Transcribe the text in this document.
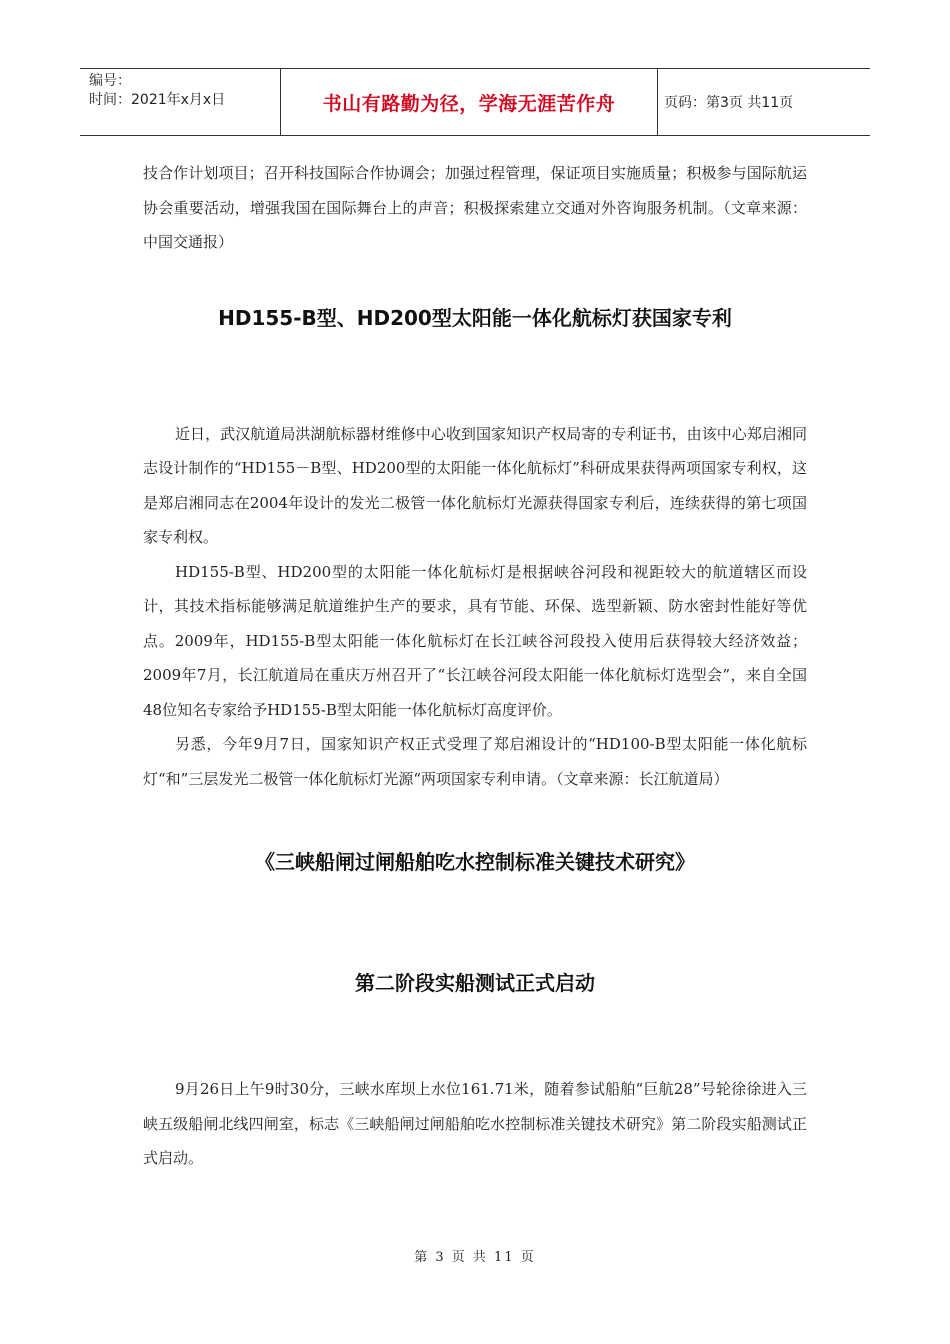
编号：
时间：2021年x月x日	书山有路勤为径，学海无涯苦作舟	页码：第3页 共11页

技合作计划项目；召开科技国际合作协调会；加强过程管理，保证项目实施质量；积极参与国际航运协会重要活动，增强我国在国际舞台上的声音；积极探索建立交通对外咨询服务机制。（文章来源：中国交通报）

HD155-B型、HD200型太阳能一体化航标灯获国家专利

近日，武汉航道局洪湖航标器材维修中心收到国家知识产权局寄的专利证书，由该中心郑启湘同志设计制作的“HD155－B型、HD200型的太阳能一体化航标灯”科研成果获得两项国家专利权，这是郑启湘同志在2004年设计的发光二极管一体化航标灯光源获得国家专利后，连续获得的第七项国家专利权。

HD155-B型、HD200型的太阳能一体化航标灯是根据峡谷河段和视距较大的航道辖区而设计，其技术指标能够满足航道维护生产的要求，具有节能、环保、选型新颖、防水密封性能好等优点。2009年，HD155-B型太阳能一体化航标灯在长江峡谷河段投入使用后获得较大经济效益；2009年7月，长江航道局在重庆万州召开了“长江峡谷河段太阳能一体化航标灯选型会”，来自全国48位知名专家给予HD155-B型太阳能一体化航标灯高度评价。

另悉，今年9月7日，国家知识产权正式受理了郑启湘设计的“HD100-B型太阳能一体化航标灯“和”三层发光二极管一体化航标灯光源“两项国家专利申请。（文章来源：长江航道局）

《三峡船闸过闸船舶吃水控制标准关键技术研究》
第二阶段实船测试正式启动

9月26日上午9时30分，三峡水库坝上水位161.71米，随着参试船舶“巨航28”号轮徐徐进入三峡五级船闸北线四闸室，标志《三峡船闸过闸船舶吃水控制标准关键技术研究》第二阶段实船测试正式启动。

第 3 页 共 11 页
